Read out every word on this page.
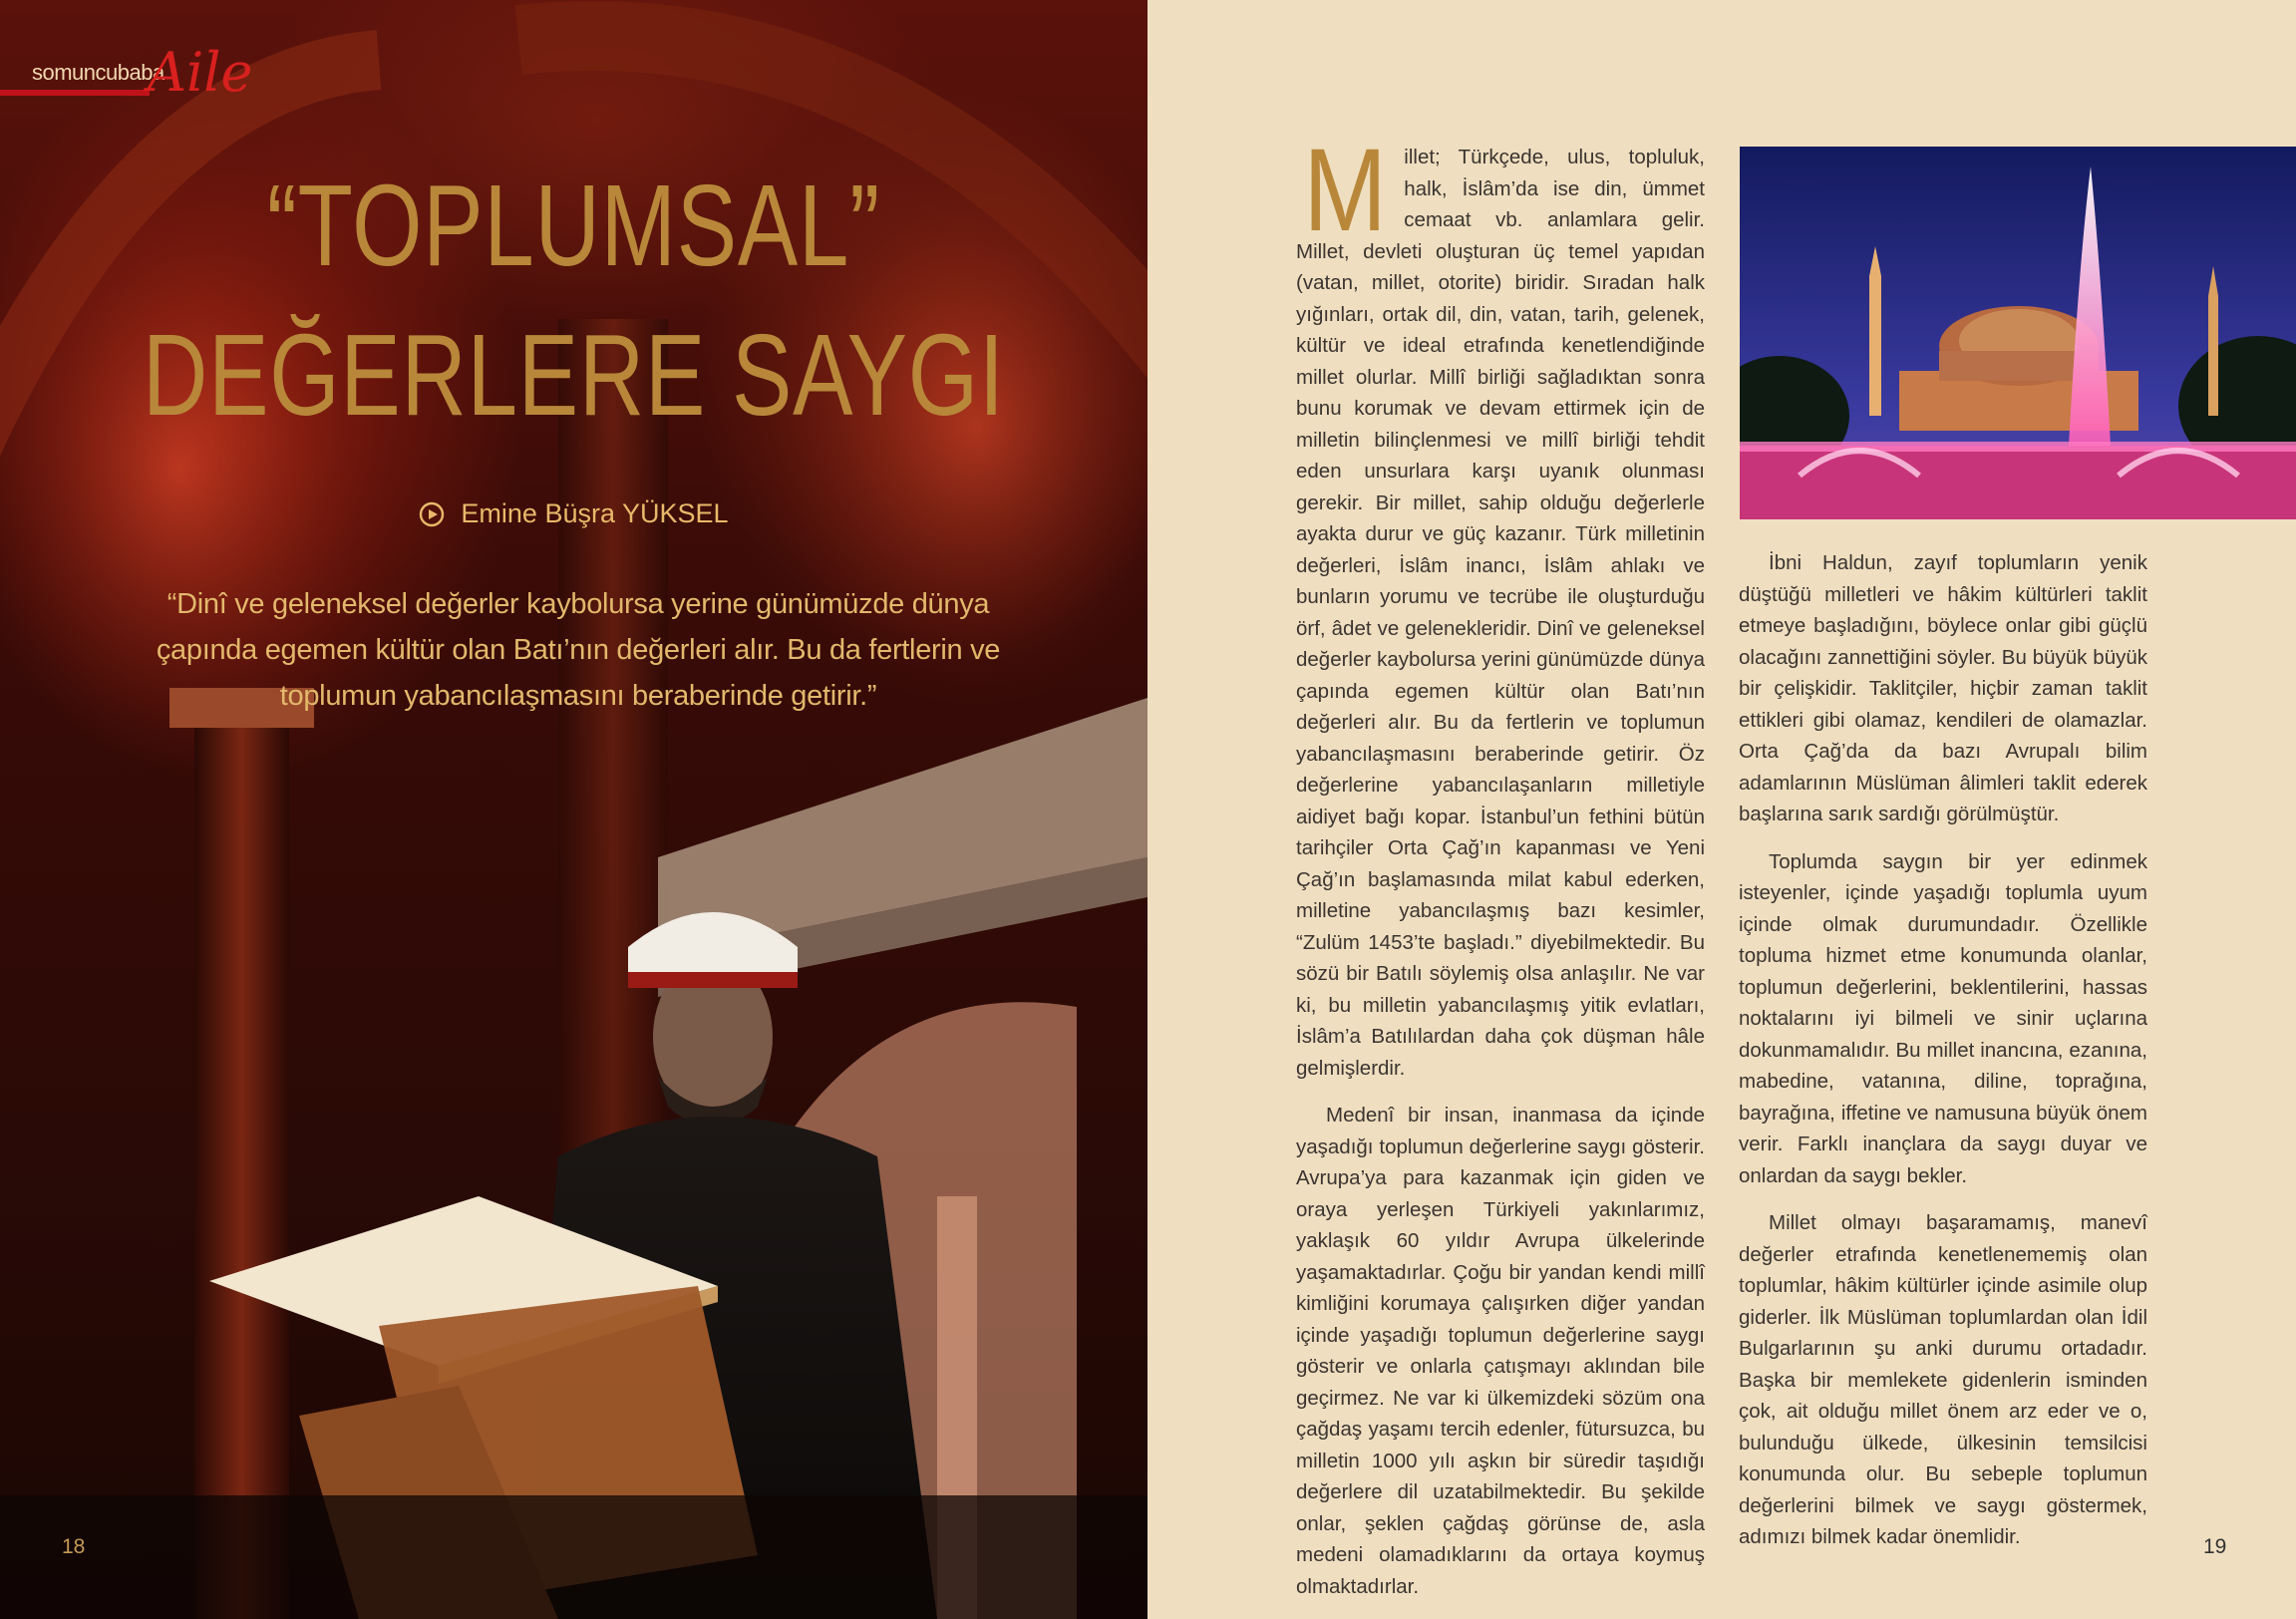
somuncubaba
Aile
“TOPLUMSAL”
DEĞERLERE SAYGI
Emine Büşra YÜKSEL
“Dinî ve geleneksel değerler kaybolursa yerine günümüzde dünya çapında egemen kültür olan Batı’nın değerleri alır. Bu da fertlerin ve toplumun yabancılaşmasını beraberinde getirir.”
18

Millet; Türkçede, ulus, topluluk, halk, İslâm’da ise din, ümmet cemaat vb. anlamlara gelir. Millet, devleti oluşturan üç temel yapıdan (vatan, millet, otorite) biridir. Sıradan halk yığınları, ortak dil, din, vatan, tarih, gelenek, kültür ve ideal etrafında kenetlendiğinde millet olurlar. Millî birliği sağladıktan sonra bunu korumak ve devam ettirmek için de milletin bilinçlenmesi ve millî birliği tehdit eden unsurlara karşı uyanık olunması gerekir. Bir millet, sahip olduğu değerlerle ayakta durur ve güç kazanır. Türk milletinin değerleri, İslâm inancı, İslâm ahlakı ve bunların yorumu ve tecrübe ile oluşturduğu örf, âdet ve gelenekleridir. Dinî ve geleneksel değerler kaybolursa yerini günümüzde dünya çapında egemen kültür olan Batı’nın değerleri alır. Bu da fertlerin ve toplumun yabancılaşmasını beraberinde getirir. Öz değerlerine yabancılaşanların milletiyle aidiyet bağı kopar. İstanbul’un fethini bütün tarihçiler Orta Çağ’ın kapanması ve Yeni Çağ’ın başlamasında milat kabul ederken, milletine yabancılaşmış bazı kesimler, “Zulüm 1453’te başladı.” diyebilmektedir. Bu sözü bir Batılı söylemiş olsa anlaşılır. Ne var ki, bu milletin yabancılaşmış yitik evlatları, İslâm’a Batılılardan daha çok düşman hâle gelmişlerdir.

Medenî bir insan, inanmasa da içinde yaşadığı toplumun değerlerine saygı gösterir. Avrupa’ya para kazanmak için giden ve oraya yerleşen Türkiyeli yakınlarımız, yaklaşık 60 yıldır Avrupa ülkelerinde yaşamaktadırlar. Çoğu bir yandan kendi millî kimliğini korumaya çalışırken diğer yandan içinde yaşadığı toplumun değerlerine saygı gösterir ve onlarla çatışmayı aklından bile geçirmez. Ne var ki ülkemizdeki sözüm ona çağdaş yaşamı tercih edenler, fütursuzca, bu milletin 1000 yılı aşkın bir süredir taşıdığı değerlere dil uzatabilmektedir. Bu şekilde onlar, şeklen çağdaş görünse de, asla medeni olamadıklarını da ortaya koymuş olmaktadırlar.

İbni Haldun, zayıf toplumların yenik düştüğü milletleri ve hâkim kültürleri taklit etmeye başladığını, böylece onlar gibi güçlü olacağını zannettiğini söyler. Bu büyük büyük bir çelişkidir. Taklitçiler, hiçbir zaman taklit ettikleri gibi olamaz, kendileri de olamazlar. Orta Çağ’da da bazı Avrupalı bilim adamlarının Müslüman âlimleri taklit ederek başlarına sarık sardığı görülmüştür.

Toplumda saygın bir yer edinmek isteyenler, içinde yaşadığı toplumla uyum içinde olmak durumundadır. Özellikle topluma hizmet etme konumunda olanlar, toplumun değerlerini, beklentilerini, hassas noktalarını iyi bilmeli ve sinir uçlarına dokunmamalıdır. Bu millet inancına, ezanına, mabedine, vatanına, diline, toprağına, bayrağına, iffetine ve namusuna büyük önem verir. Farklı inançlara da saygı duyar ve onlardan da saygı bekler.

Millet olmayı başaramamış, manevî değerler etrafında kenetlenememiş olan toplumlar, hâkim kültürler içinde asimile olup giderler. İlk Müslüman toplumlardan olan İdil Bulgarlarının şu anki durumu ortadadır. Başka bir memlekete gidenlerin isminden çok, ait olduğu millet önem arz eder ve o, bulunduğu ülkede, ülkesinin temsilcisi konumunda olur. Bu sebeple toplumun değerlerini bilmek ve saygı göstermek, adımızı bilmek kadar önemlidir.	19
